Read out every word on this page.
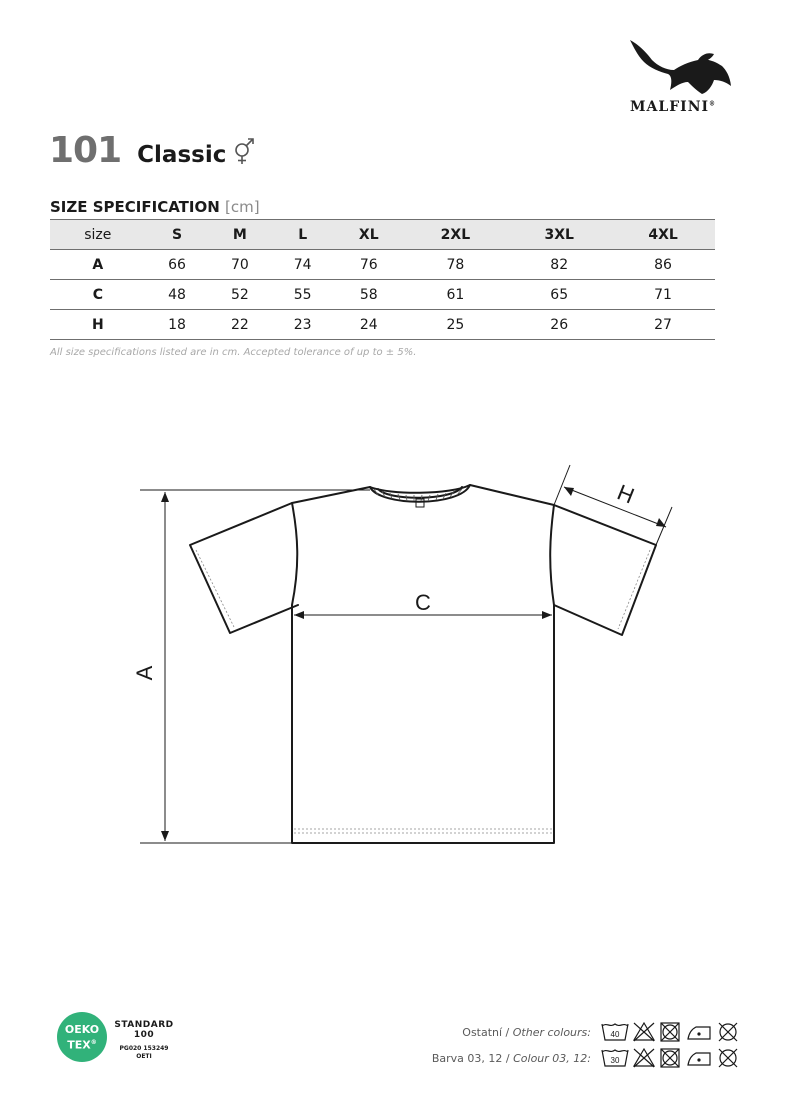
MALFINI®
101 Classic
SIZE SPECIFICATION [cm]
size	S	M	L	XL	2XL	3XL	4XL
A	66	70	74	76	78	82	86
C	48	52	55	58	61	65	71
H	18	22	23	24	25	26	27
All size specifications listed are in cm. Accepted tolerance of up to ± 5%.
A
C
H
OEKO
TEX®
STANDARD
100
PG020 153249
OETI
Ostatní / Other colours: 40
Barva 03, 12 / Colour 03, 12: 30
